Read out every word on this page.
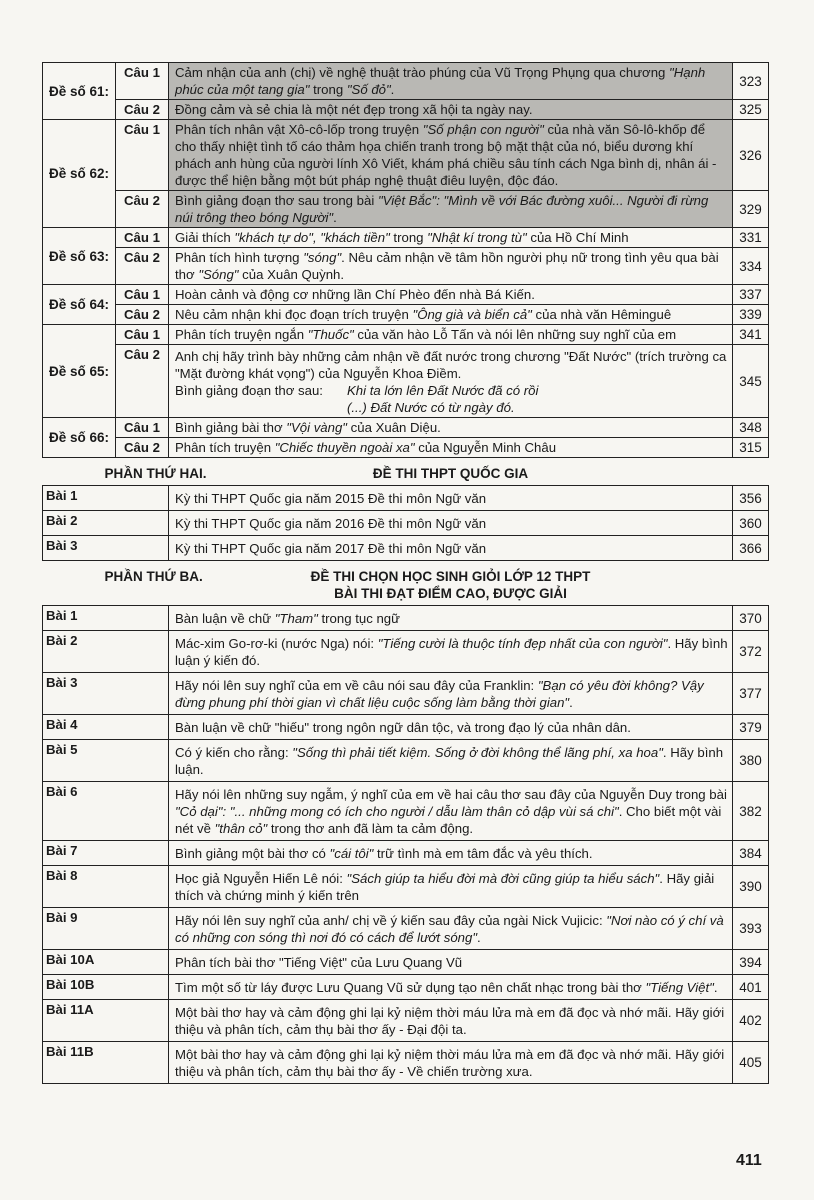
Đề số 61:	Câu 1	Cảm nhận của anh (chị) về nghệ thuật trào phúng của Vũ Trọng Phụng qua chương "Hạnh phúc của một tang gia" trong "Số đỏ".	323
	Câu 2	Đồng cảm và sẻ chia là một nét đẹp trong xã hội ta ngày nay.	325
Đề số 62:	Câu 1	Phân tích nhân vật Xô-cô-lốp trong truyện "Số phận con người" của nhà văn Sô-lô-khốp để cho thấy nhiệt tình tố cáo thảm họa chiến tranh trong bộ mặt thật của nó, biểu dương khí phách anh hùng của người lính Xô Viết, khám phá chiều sâu tính cách Nga bình dị, nhân ái - được thể hiện bằng một bút pháp nghệ thuật điêu luyện, độc đáo.	326
	Câu 2	Bình giảng đoạn thơ sau trong bài "Việt Bắc": "Mình về với Bác đường xuôi... Người đi rừng núi trông theo bóng Người".	329
Đề số 63:	Câu 1	Giải thích "khách tự do", "khách tiền" trong "Nhật kí trong tù" của Hồ Chí Minh	331
	Câu 2	Phân tích hình tượng "sóng". Nêu cảm nhận về tâm hồn người phụ nữ trong tình yêu qua bài thơ "Sóng" của Xuân Quỳnh.	334
Đề số 64:	Câu 1	Hoàn cảnh và động cơ những lần Chí Phèo đến nhà Bá Kiến.	337
	Câu 2	Nêu cảm nhận khi đọc đoạn trích truyện "Ông già và biển cả" của nhà văn Hêminguê	339
Đề số 65:	Câu 1	Phân tích truyện ngắn "Thuốc" của văn hào Lỗ Tấn và nói lên những suy nghĩ của em	341
	Câu 2	Anh chị hãy trình bày những cảm nhận về đất nước trong chương "Đất Nước" (trích trường ca "Mặt đường khát vọng") của Nguyễn Khoa Điềm.
Bình giảng đoạn thơ sau: Khi ta lớn lên Đất Nước đã có rồi
(...) Đất Nước có từ ngày đó.	345
Đề số 66:	Câu 1	Bình giảng bài thơ "Vội vàng" của Xuân Diệu.	348
	Câu 2	Phân tích truyện "Chiếc thuyền ngoài xa" của Nguyễn Minh Châu	315

PHẦN THỨ HAI. ĐỀ THI THPT QUỐC GIA			

Bài 1		Kỳ thi THPT Quốc gia năm 2015 Đề thi môn Ngữ văn	356
Bài 2		Kỳ thi THPT Quốc gia năm 2016 Đề thi môn Ngữ văn	360
Bài 3		Kỳ thi THPT Quốc gia năm 2017 Đề thi môn Ngữ văn	366

PHẦN THỨ BA. ĐỀ THI CHỌN HỌC SINH GIỎI LỚP 12 THPT
BÀI THI ĐẠT ĐIỂM CAO, ĐƯỢC GIẢI			

Bài 1		Bàn luận về chữ "Tham" trong tục ngữ	370
Bài 2		Mác-xim Go-rơ-ki (nước Nga) nói: "Tiếng cười là thuộc tính đẹp nhất của con người". Hãy bình luận ý kiến đó.	372
Bài 3		Hãy nói lên suy nghĩ của em về câu nói sau đây của Franklin: "Bạn có yêu đời không? Vậy đừng phung phí thời gian vì chất liệu cuộc sống làm bằng thời gian".	377
Bài 4		Bàn luận về chữ "hiếu" trong ngôn ngữ dân tộc, và trong đạo lý của nhân dân.	379
Bài 5		Có ý kiến cho rằng: "Sống thì phải tiết kiệm. Sống ở đời không thể lãng phí, xa hoa". Hãy bình luận.	380
Bài 6		Hãy nói lên những suy ngẫm, ý nghĩ của em về hai câu thơ sau đây của Nguyễn Duy trong bài "Cỏ dại": "... những mong có ích cho người / dẫu làm thân cỏ dập vùi sá chi". Cho biết một vài nét về "thân cỏ" trong thơ anh đã làm ta cảm động.	382
Bài 7		Bình giảng một bài thơ có "cái tôi" trữ tình mà em tâm đắc và yêu thích.	384
Bài 8		Học giả Nguyễn Hiến Lê nói: "Sách giúp ta hiểu đời mà đời cũng giúp ta hiểu sách". Hãy giải thích và chứng minh ý kiến trên	390
Bài 9		Hãy nói lên suy nghĩ của anh/ chị về ý kiến sau đây của ngài Nick Vujicic: "Nơi nào có ý chí và có những con sóng thì nơi đó có cách để lướt sóng".	393
Bài 10A		Phân tích bài thơ "Tiếng Việt" của Lưu Quang Vũ	394
Bài 10B		Tìm một số từ láy được Lưu Quang Vũ sử dụng tạo nên chất nhạc trong bài thơ "Tiếng Việt".	401
Bài 11A		Một bài thơ hay và cảm động ghi lại kỷ niệm thời máu lửa mà em đã đọc và nhớ mãi. Hãy giới thiệu và phân tích, cảm thụ bài thơ ấy - Đại đội ta.	402
Bài 11B		Một bài thơ hay và cảm động ghi lại kỷ niệm thời máu lửa mà em đã đọc và nhớ mãi. Hãy giới thiệu và phân tích, cảm thụ bài thơ ấy - Về chiến trường xưa.	405
411
